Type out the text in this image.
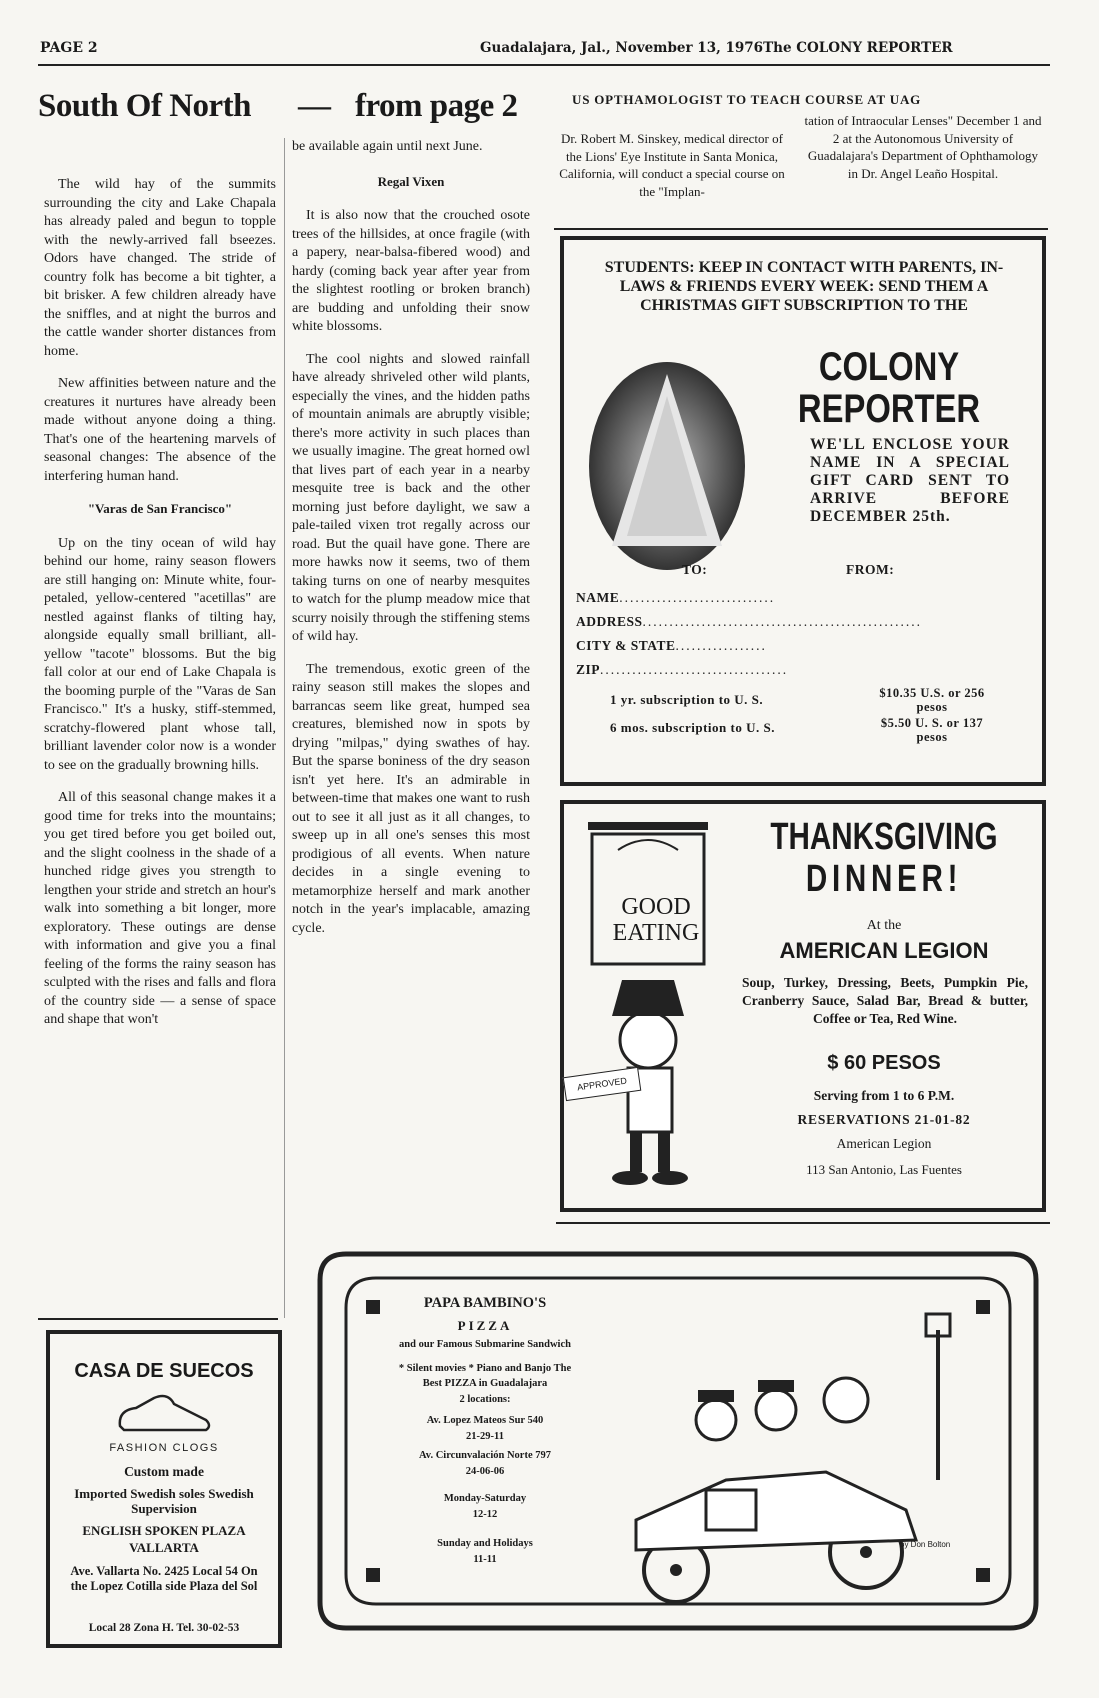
PAGE 2	Guadalajara, Jal., November 13, 1976The COLONY REPORTER
South Of North — from page 2

The wild hay of the summits surrounding the city and Lake Chapala has already paled and begun to topple with the newly-arrived fall bseezes. Odors have changed. The stride of country folk has become a bit tighter, a bit brisker. A few children already have the sniffles, and at night the burros and the cattle wander shorter distances from home.

New affinities between nature and the creatures it nurtures have already been made without anyone doing a thing. That's one of the heartening marvels of seasonal changes: The absence of the interfering human hand.

"Varas de San Francisco"

Up on the tiny ocean of wild hay behind our home, rainy season flowers are still hanging on: Minute white, four-petaled, yellow-centered "acetillas" are nestled against flanks of tilting hay, alongside equally small brilliant, all-yellow "tacote" blossoms. But the big fall color at our end of Lake Chapala is the booming purple of the "Varas de San Francisco." It's a husky, stiff-stemmed, scratchy-flowered plant whose tall, brilliant lavender color now is a wonder to see on the gradually browning hills.

All of this seasonal change makes it a good time for treks into the mountains; you get tired before you get boiled out, and the slight coolness in the shade of a hunched ridge gives you strength to lengthen your stride and stretch an hour's walk into something a bit longer, more exploratory. These outings are dense with information and give you a final feeling of the forms the rainy season has sculpted with the rises and falls and flora of the country side — a sense of space and shape that won't

be available again until next June.

Regal Vixen

It is also now that the crouched osote trees of the hillsides, at once fragile (with a papery, near-balsa-fibered wood) and hardy (coming back year after year from the slightest rootling or broken branch) are budding and unfolding their snow white blossoms.

The cool nights and slowed rainfall have already shriveled other wild plants, especially the vines, and the hidden paths of mountain animals are abruptly visible; there's more activity in such places than we usually imagine. The great horned owl that lives part of each year in a nearby mesquite tree is back and the other morning just before daylight, we saw a pale-tailed vixen trot regally across our road. But the quail have gone. There are more hawks now it seems, two of them taking turns on one of nearby mesquites to watch for the plump meadow mice that scurry noisily through the stiffening stems of wild hay.

The tremendous, exotic green of the rainy season still makes the slopes and barrancas seem like great, humped sea creatures, blemished now in spots by drying "milpas," dying swathes of hay. But the sparse boniness of the dry season isn't yet here. It's an admirable in between-time that makes one want to rush out to see it all just as it all changes, to sweep up in all one's senses this most prodigious of all events. When nature decides in a single evening to metamorphize herself and mark another notch in the year's implacable, amazing cycle.

US OPTHAMOLOGIST TO TEACH COURSE AT UAG
Dr. Robert M. Sinskey, medical director of the Lions' Eye Institute in Santa Monica, California, will conduct a special course on the "Implan-
tation of Intraocular Lenses" December 1 and 2 at the Autonomous University of Guadalajara's Department of Ophthamology in Dr. Angel Leaño Hospital.
STUDENTS: KEEP IN CONTACT WITH PARENTS, IN-LAWS & FRIENDS EVERY WEEK: SEND THEM A CHRISTMAS GIFT SUBSCRIPTION TO THE
COLONY
REPORTER
WE'LL ENCLOSE YOUR NAME IN A SPECIAL GIFT CARD SENT TO ARRIVE BEFORE DECEMBER 25th.
TO:	FROM:
NAME.............................
ADDRESS....................................................
CITY & STATE.................
ZIP...................................
1 yr. subscription to U. S.	$10.35 U.S. or 256 pesos
6 mos. subscription to U. S.	$5.50 U. S. or 137 pesos
GOOD EATING
APPROVED
THANKSGIVING
DINNER!
At the
AMERICAN LEGION
Soup, Turkey, Dressing, Beets, Pumpkin Pie, Cranberry Sauce, Salad Bar, Bread & butter, Coffee or Tea, Red Wine.
$ 60 PESOS
Serving from 1 to 6 P.M.
RESERVATIONS 21-01-82
American Legion
113 San Antonio, Las Fuentes
CASA DE SUECOS
FASHION CLOGS
Custom made
Imported Swedish soles Swedish Supervision
ENGLISH SPOKEN PLAZA VALLARTA
Ave. Vallarta No. 2425 Local 54 On the Lopez Cotilla side Plaza del Sol
Local 28 Zona H. Tel. 30-02-53
PAPA BAMBINO'S
PIZZA
and our Famous Submarine Sandwich
* Silent movies * Piano and Banjo The Best PIZZA in Guadalajara
2 locations:
Av. Lopez Mateos Sur 540
21-29-11
Av. Circunvalación Norte 797
24-06-06
Monday-Saturday
12-12
Sunday and Holidays
11-11
by Don Bolton
